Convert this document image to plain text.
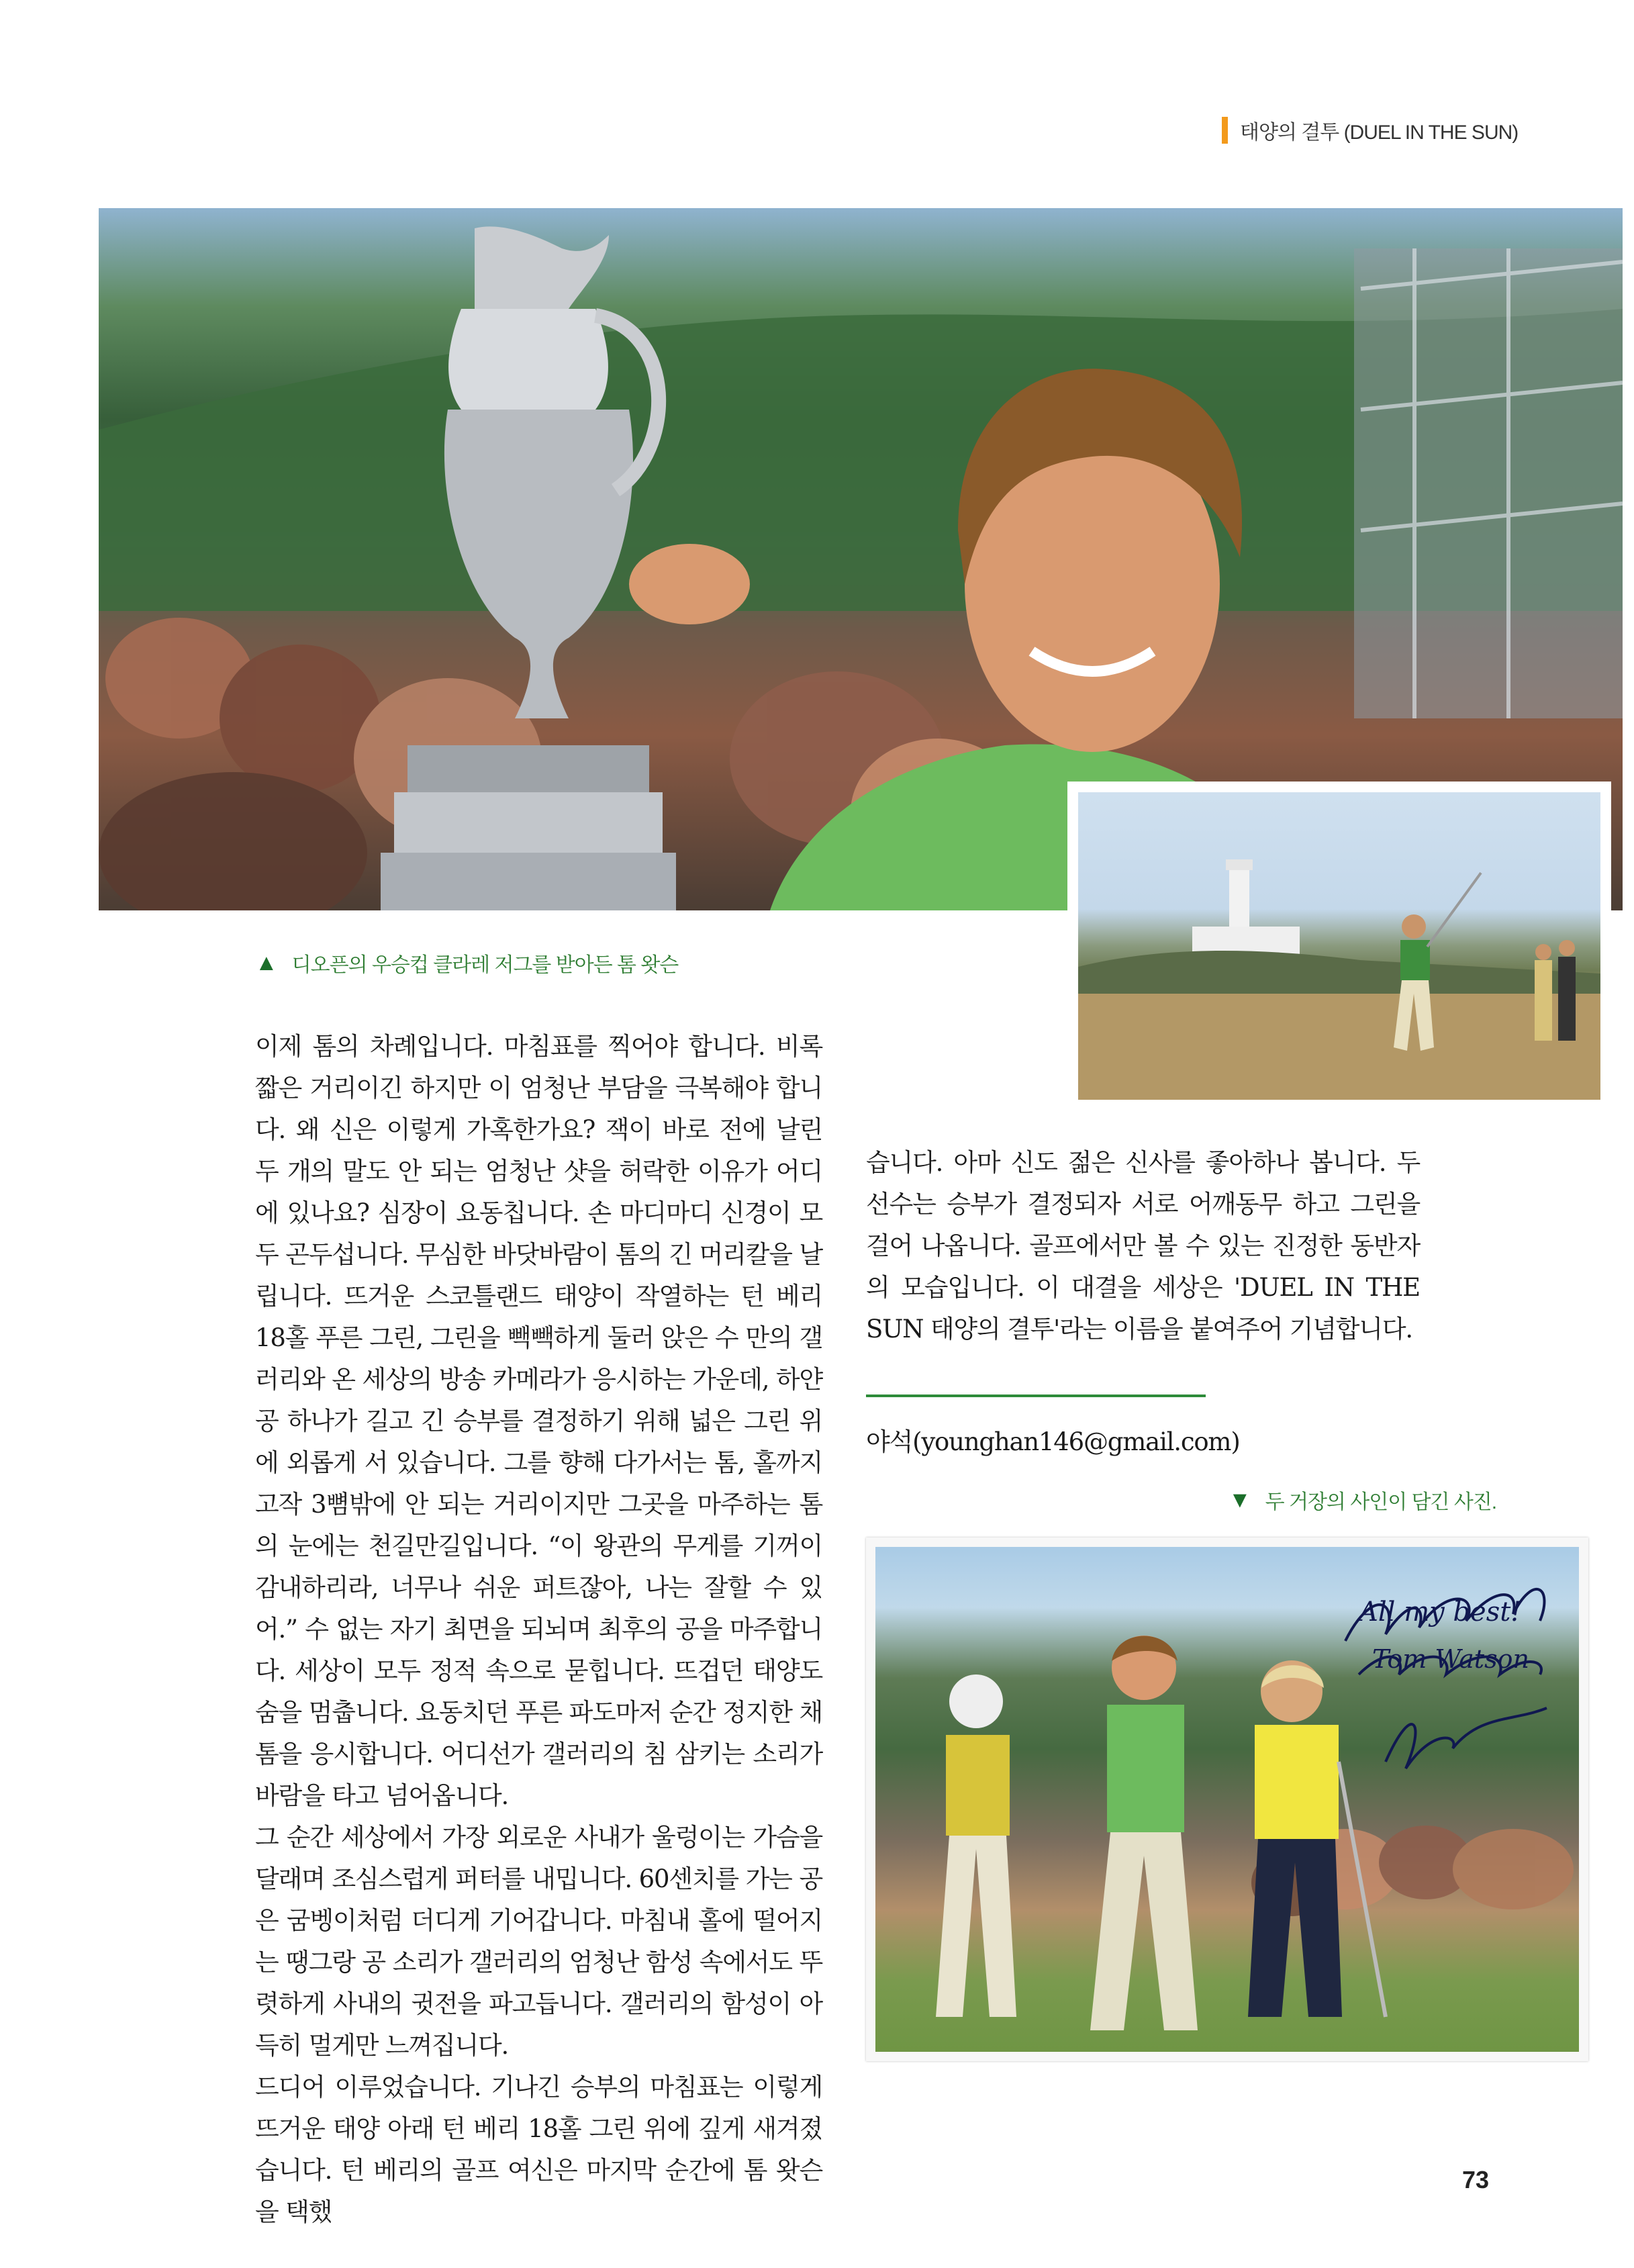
태양의 결투 (DUEL IN THE SUN)
▲ 디오픈의 우승컵 클라레 저그를 받아든 톰 왓슨

이제 톰의 차례입니다. 마침표를 찍어야 합니다. 비록 짧은 거리이긴 하지만 이 엄청난 부담을 극복해야 합니다. 왜 신은 이렇게 가혹한가요? 잭이 바로 전에 날린 두 개의 말도 안 되는 엄청난 샷을 허락한 이유가 어디에 있나요? 심장이 요동칩니다. 손 마디마디 신경이 모두 곤두섭니다. 무심한 바닷바람이 톰의 긴 머리칼을 날립니다. 뜨거운 스코틀랜드 태양이 작열하는 턴 베리 18홀 푸른 그린, 그린을 빽빽하게 둘러 앉은 수 만의 갤러리와 온 세상의 방송 카메라가 응시하는 가운데, 하얀 공 하나가 길고 긴 승부를 결정하기 위해 넓은 그린 위에 외롭게 서 있습니다. 그를 향해 다가서는 톰, 홀까지 고작 3뼘밖에 안 되는 거리이지만 그곳을 마주하는 톰의 눈에는 천길만길입니다. “이 왕관의 무게를 기꺼이 감내하리라, 너무나 쉬운 퍼트잖아, 나는 잘할 수 있어.” 수 없는 자기 최면을 되뇌며 최후의 공을 마주합니다. 세상이 모두 정적 속으로 묻힙니다. 뜨겁던 태양도 숨을 멈춥니다. 요동치던 푸른 파도마저 순간 정지한 채 톰을 응시합니다. 어디선가 갤러리의 침 삼키는 소리가 바람을 타고 넘어옵니다.

그 순간 세상에서 가장 외로운 사내가 울렁이는 가슴을 달래며 조심스럽게 퍼터를 내밉니다. 60센치를 가는 공은 굼벵이처럼 더디게 기어갑니다. 마침내 홀에 떨어지는 땡그랑 공 소리가 갤러리의 엄청난 함성 속에서도 뚜렷하게 사내의 귓전을 파고듭니다. 갤러리의 함성이 아득히 멀게만 느껴집니다.

드디어 이루었습니다. 기나긴 승부의 마침표는 이렇게 뜨거운 태양 아래 턴 베리 18홀 그린 위에 깊게 새겨졌습니다. 턴 베리의 골프 여신은 마지막 순간에 톰 왓슨을 택했

습니다. 아마 신도 젊은 신사를 좋아하나 봅니다. 두 선수는 승부가 결정되자 서로 어깨동무 하고 그린을 걸어 나옵니다. 골프에서만 볼 수 있는 진정한 동반자의 모습입니다. 이 대결을 세상은 'DUEL IN THE SUN 태양의 결투'라는 이름을 붙여주어 기념합니다.

야석(younghan146@gmail.com)
▼ 두 거장의 사인이 담긴 사진.
All my best!
Tom Watson
73
